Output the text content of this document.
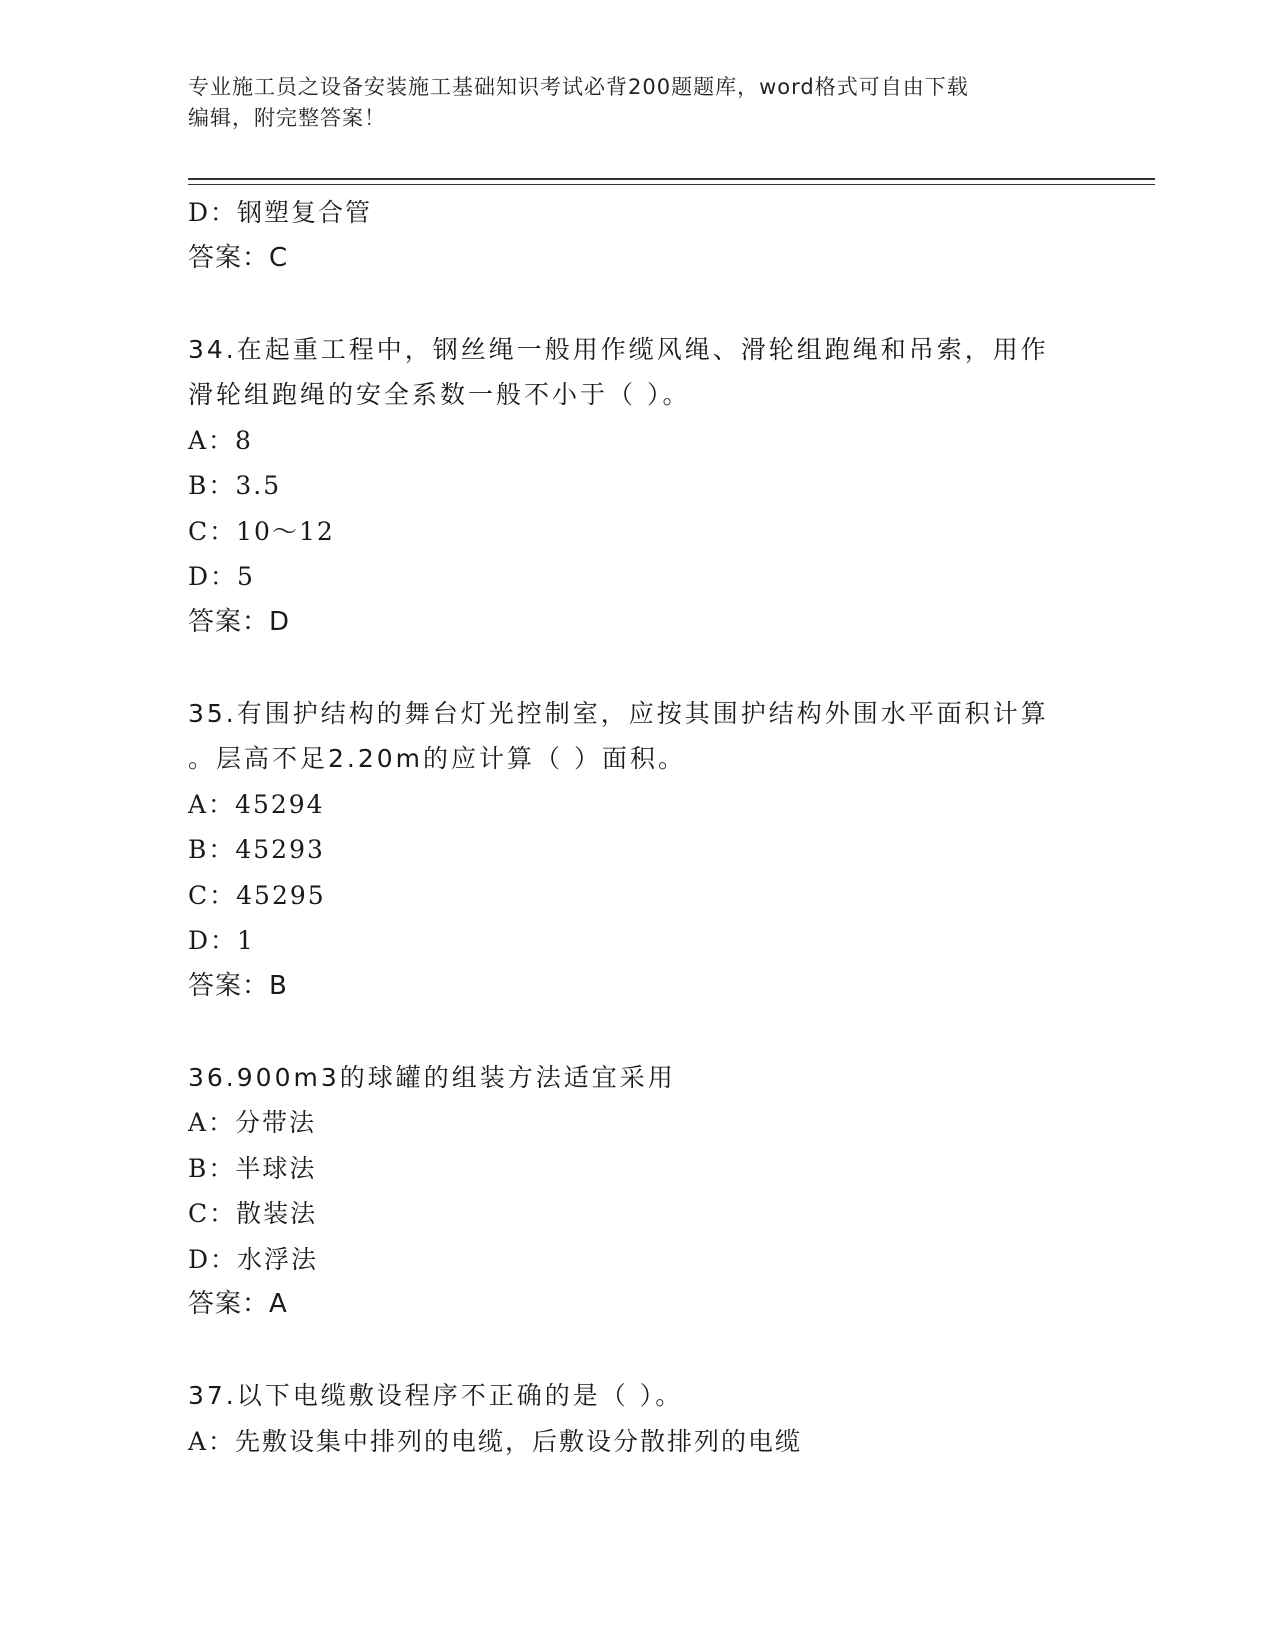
专业施工员之设备安装施工基础知识考试必背200题题库，word格式可自由下载
编辑，附完整答案！
D：钢塑复合管
答案：C
34.在起重工程中，钢丝绳一般用作缆风绳、滑轮组跑绳和吊索，用作
滑轮组跑绳的安全系数一般不小于（ ）。
A：8
B：3.5
C：10～12
D：5
答案：D
35.有围护结构的舞台灯光控制室，应按其围护结构外围水平面积计算
。层高不足2.20m的应计算（ ）面积。
A：45294
B：45293
C：45295
D：1
答案：B
36.900m3的球罐的组装方法适宜采用
A：分带法
B：半球法
C：散装法
D：水浮法
答案：A
37.以下电缆敷设程序不正确的是（ ）。
A：先敷设集中排列的电缆，后敷设分散排列的电缆
